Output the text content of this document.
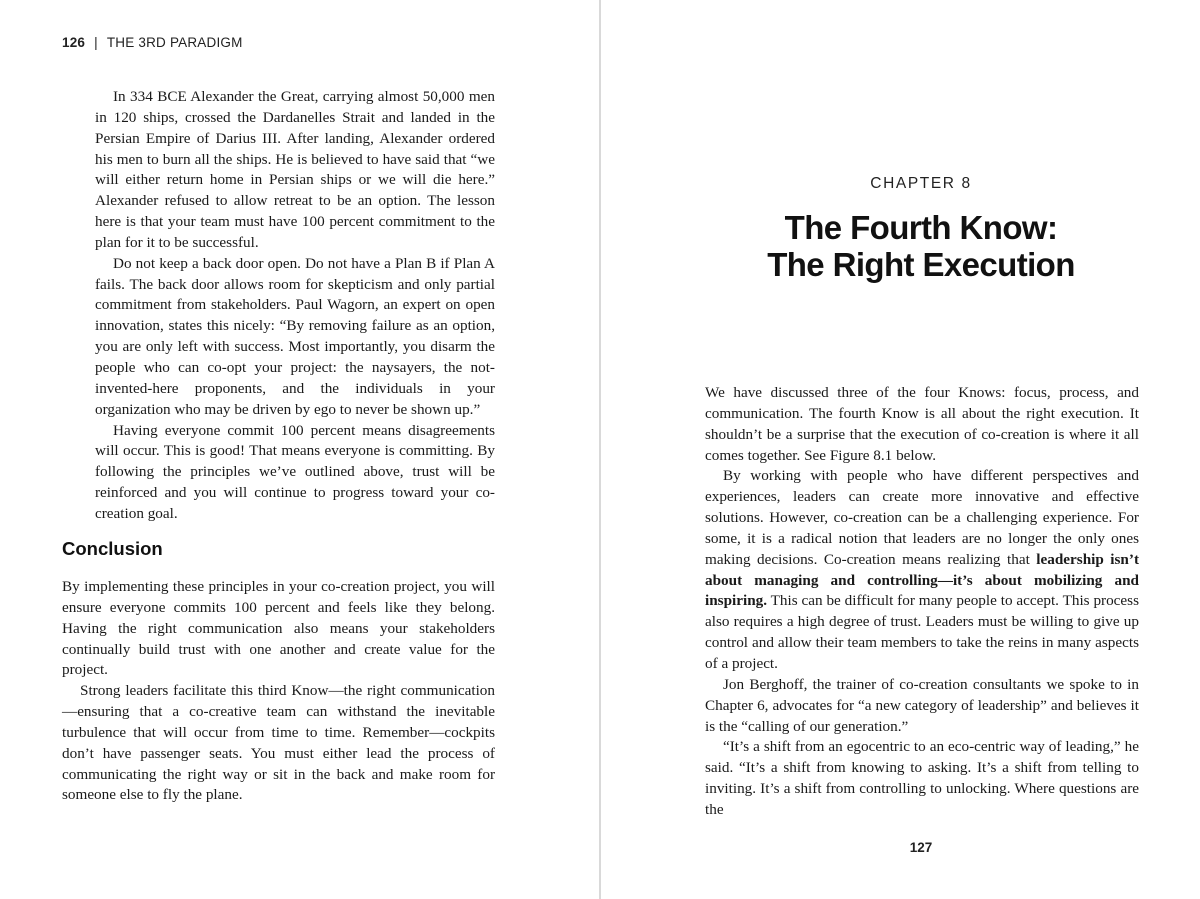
126 | THE 3RD PARADIGM

In 334 BCE Alexander the Great, carrying almost 50,000 men in 120 ships, crossed the Dardanelles Strait and landed in the Persian Empire of Darius III. After landing, Alexander ordered his men to burn all the ships. He is believed to have said that “we will either return home in Persian ships or we will die here.” Alexander refused to allow retreat to be an option. The lesson here is that your team must have 100 percent commitment to the plan for it to be successful.

Do not keep a back door open. Do not have a Plan B if Plan A fails. The back door allows room for skepticism and only partial commitment from stakeholders. Paul Wagorn, an expert on open innovation, states this nicely: “By removing failure as an option, you are only left with success. Most importantly, you disarm the people who can co-opt your project: the naysayers, the not-invented-here proponents, and the individuals in your organization who may be driven by ego to never be shown up.”

Having everyone commit 100 percent means disagreements will occur. This is good! That means everyone is committing. By following the principles we’ve outlined above, trust will be reinforced and you will continue to progress toward your co-creation goal.

Conclusion

By implementing these principles in your co-creation project, you will ensure everyone commits 100 percent and feels like they belong. Having the right communication also means your stakeholders continually build trust with one another and create value for the project.

Strong leaders facilitate this third Know—the right communication—ensuring that a co-creative team can withstand the inevitable turbulence that will occur from time to time. Remember—cockpits don’t have passenger seats. You must either lead the process of communicating the right way or sit in the back and make room for someone else to fly the plane.

CHAPTER 8
The Fourth Know:
The Right Execution

We have discussed three of the four Knows: focus, process, and communication. The fourth Know is all about the right execution. It shouldn’t be a surprise that the execution of co-creation is where it all comes together. See Figure 8.1 below.

By working with people who have different perspectives and experiences, leaders can create more innovative and effective solutions. However, co-creation can be a challenging experience. For some, it is a radical notion that leaders are no longer the only ones making decisions. Co-creation means realizing that leadership isn’t about managing and controlling—it’s about mobilizing and inspiring. This can be difficult for many people to accept. This process also requires a high degree of trust. Leaders must be willing to give up control and allow their team members to take the reins in many aspects of a project.

Jon Berghoff, the trainer of co-creation consultants we spoke to in Chapter 6, advocates for “a new category of leadership” and believes it is the “calling of our generation.”

“It’s a shift from an egocentric to an eco-centric way of leading,” he said. “It’s a shift from knowing to asking. It’s a shift from telling to inviting. It’s a shift from controlling to unlocking. Where questions are the

127
